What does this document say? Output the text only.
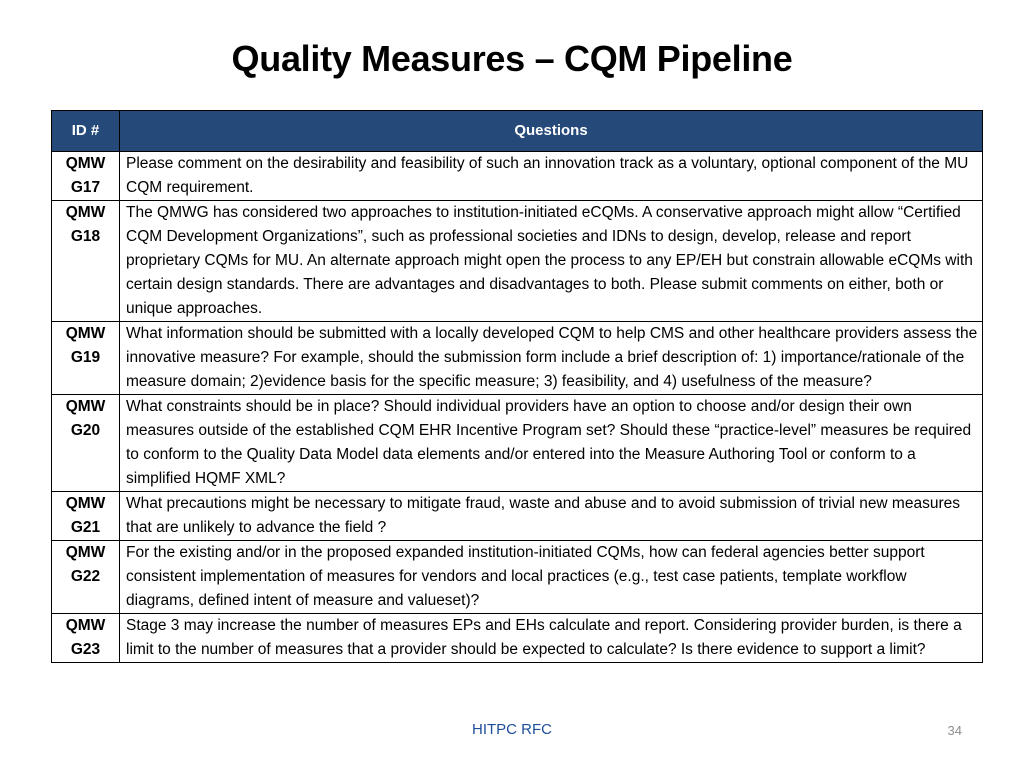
Quality Measures – CQM Pipeline
ID #	Questions
QMW
G17	Please comment on the desirability and feasibility of such an innovation track as a voluntary, optional component of the MU CQM requirement.
QMW
G18	The QMWG has considered two approaches to institution-initiated eCQMs. A conservative approach might allow “Certified CQM Development Organizations”, such as professional societies and IDNs to design, develop, release and report proprietary CQMs for MU. An alternate approach might open the process to any EP/EH but constrain allowable eCQMs with certain design standards. There are advantages and disadvantages to both. Please submit comments on either, both or unique approaches.
QMW
G19	What information should be submitted with a locally developed CQM to help CMS and other healthcare providers assess the innovative measure? For example, should the submission form include a brief description of: 1) importance/rationale of the measure domain; 2)evidence basis for the specific measure; 3) feasibility, and 4) usefulness of the measure?
QMW
G20	What constraints should be in place? Should individual providers have an option to choose and/or design their own measures outside of the established CQM EHR Incentive Program set? Should these “practice-level” measures be required to conform to the Quality Data Model data elements and/or entered into the Measure Authoring Tool or conform to a simplified HQMF XML?
QMW
G21	What precautions might be necessary to mitigate fraud, waste and abuse and to avoid submission of trivial new measures that are unlikely to advance the field ?
QMW
G22	For the existing and/or in the proposed expanded institution-initiated CQMs, how can federal agencies better support consistent implementation of measures for vendors and local practices (e.g., test case patients, template workflow diagrams, defined intent of measure and valueset)?
QMW
G23	Stage 3 may increase the number of measures EPs and EHs calculate and report. Considering provider burden, is there a limit to the number of measures that a provider should be expected to calculate? Is there evidence to support a limit?
HITPC RFC	34
